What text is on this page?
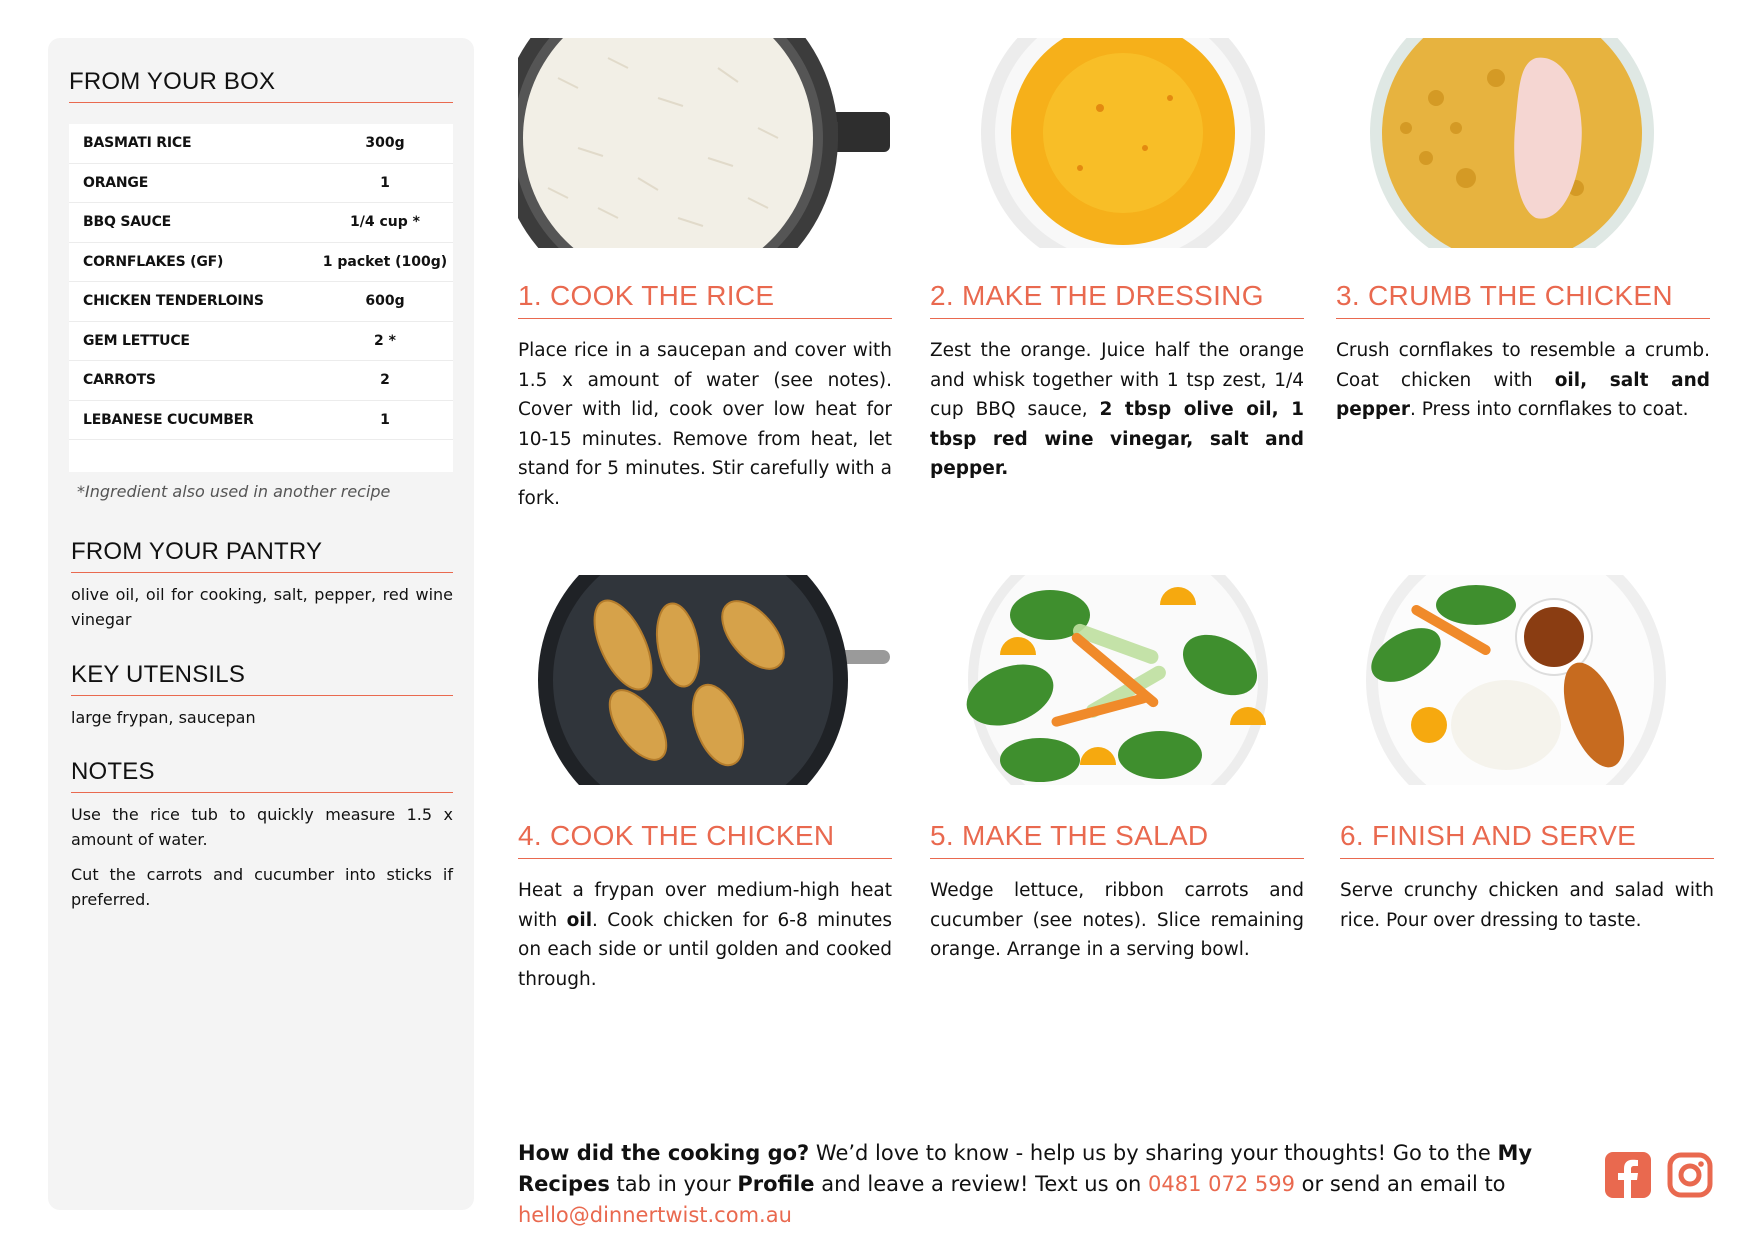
FROM YOUR BOX
BASMATI RICE	300g
ORANGE	1
BBQ SAUCE	1/4 cup *
CORNFLAKES (GF)	1 packet (100g)
CHICKEN TENDERLOINS	600g
GEM LETTUCE	2 *
CARROTS	2
LEBANESE CUCUMBER	1
*Ingredient also used in another recipe
FROM YOUR PANTRY
olive oil, oil for cooking, salt, pepper, red wine vinegar
KEY UTENSILS
large frypan, saucepan
NOTES

Use the rice tub to quickly measure 1.5 x amount of water.

Cut the carrots and cucumber into sticks if preferred.

1. COOK THE RICE
Place rice in a saucepan and cover with 1.5 x amount of water (see notes). Cover with lid, cook over low heat for 10-15 minutes. Remove from heat, let stand for 5 minutes. Stir carefully with a fork.
2. MAKE THE DRESSING
Zest the orange. Juice half the orange and whisk together with 1 tsp zest, 1/4 cup BBQ sauce, 2 tbsp olive oil, 1 tbsp red wine vinegar, salt and pepper.
3. CRUMB THE CHICKEN
Crush cornflakes to resemble a crumb. Coat chicken with oil, salt and pepper. Press into cornflakes to coat.
4. COOK THE CHICKEN
Heat a frypan over medium-high heat with oil. Cook chicken for 6-8 minutes on each side or until golden and cooked through.
5. MAKE THE SALAD
Wedge lettuce, ribbon carrots and cucumber (see notes). Slice remaining orange. Arrange in a serving bowl.
6. FINISH AND SERVE
Serve crunchy chicken and salad with rice. Pour over dressing to taste.
How did the cooking go? We’d love to know - help us by sharing your thoughts! Go to the My Recipes tab in your Profile and leave a review! Text us on 0481 072 599 or send an email to hello@dinnertwist.com.au
